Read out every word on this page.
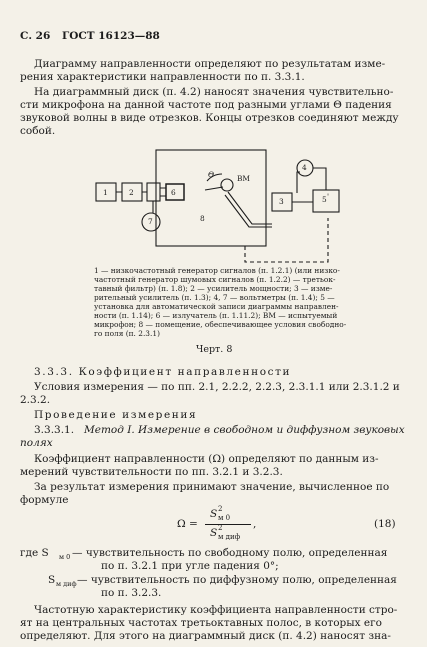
С. 26 ГОСТ 16123—88
Диаграмму направленности определяют по результатам изме-
рения характеристики направленности по п. 3.3.1.
На диаграммный диск (п. 4.2) наносят значения чувствительно-
сти микрофона на данной частоте под разными углами Θ падения
звуковой волны в виде отрезков. Концы отрезков соединяют между
собой.
1	2	6
7
3
4
5 '
8
Θ	ВМ
1 — низкочастотный генератор сигналов (п. 1.2.1) (или низко-
частотный генератор шумовых сигналов (п. 1.2.2) — третьок-
тавный фильтр) (п. 1.8); 2 — усилитель мощности; 3 — изме-
рительный усилитель (п. 1.3); 4, 7 — вольтметры (п. 1.4); 5 —
установка для автоматической записи диаграммы направлен-
ности (п. 1.14); 6 — излучатель (п. 1.11.2); ВМ — испытуемый
микрофон; 8 — помещение, обеспечивающее условия свободно-
го поля (п. 2.3.1)
Черт. 8
3.3.3. Коэффициент направленности
Условия измерения — по пп. 2.1, 2.2.2, 2.2.3, 2.3.1.1 или 2.3.1.2 и
2.3.2.
Проведение измерения
3.3.3.1. Метод I. Измерение в свободном и диффузном звуковых
полях
Коэффициент направленности (Ω) определяют по данным из-
мерений чувствительности по пп. 3.2.1 и 3.2.3.
За результат измерения принимают значение, вычисленное по
формуле
Ω =
S 2
м 0
S 2
м диф
,	(18)
где S м 0 — чувствительность по свободному полю, определенная
по п. 3.2.1 при угле падения 0°;
S м диф — чувствительность по диффузному полю, определенная
по п. 3.2.3.
Частотную характеристику коэффициента направленности стро-
ят на центральных частотах третьоктавных полос, в которых его
определяют. Для этого на диаграммный диск (п. 4.2) наносят зна-
